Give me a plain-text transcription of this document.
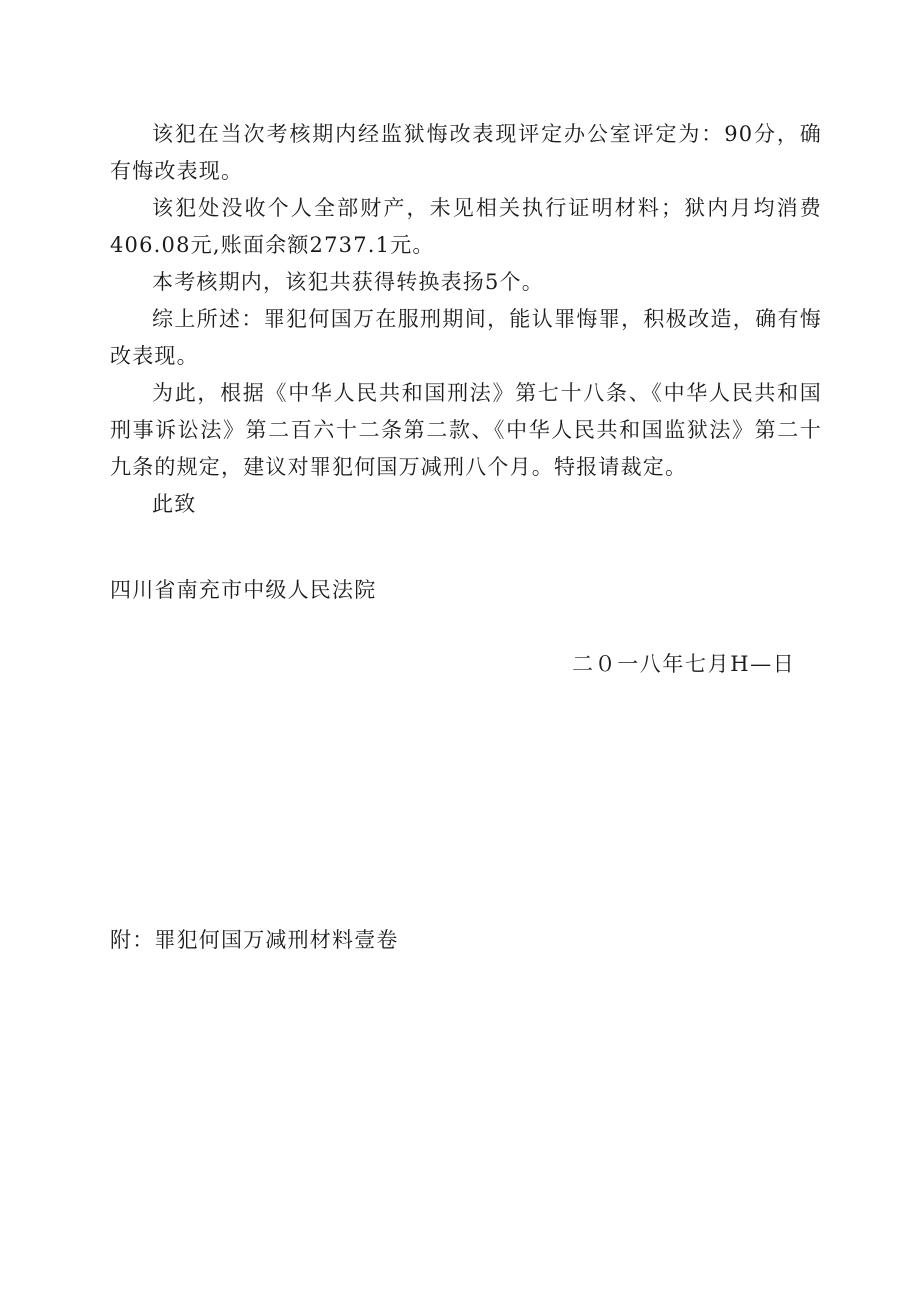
该犯在当次考核期内经监狱悔改表现评定办公室评定为：90分，确有悔改表现。

该犯处没收个人全部财产，未见相关执行证明材料；狱内月均消费406.08元,账面余额2737.1元。

本考核期内，该犯共获得转换表扬5个。

综上所述：罪犯何国万在服刑期间，能认罪悔罪，积极改造，确有悔改表现。

为此，根据《中华人民共和国刑法》第七十八条、《中华人民共和国刑事诉讼法》第二百六十二条第二款、《中华人民共和国监狱法》第二十九条的规定，建议对罪犯何国万减刑八个月。特报请裁定。

此致

四川省南充市中级人民法院

二０一八年七月H—日

附：罪犯何国万减刑材料壹卷
